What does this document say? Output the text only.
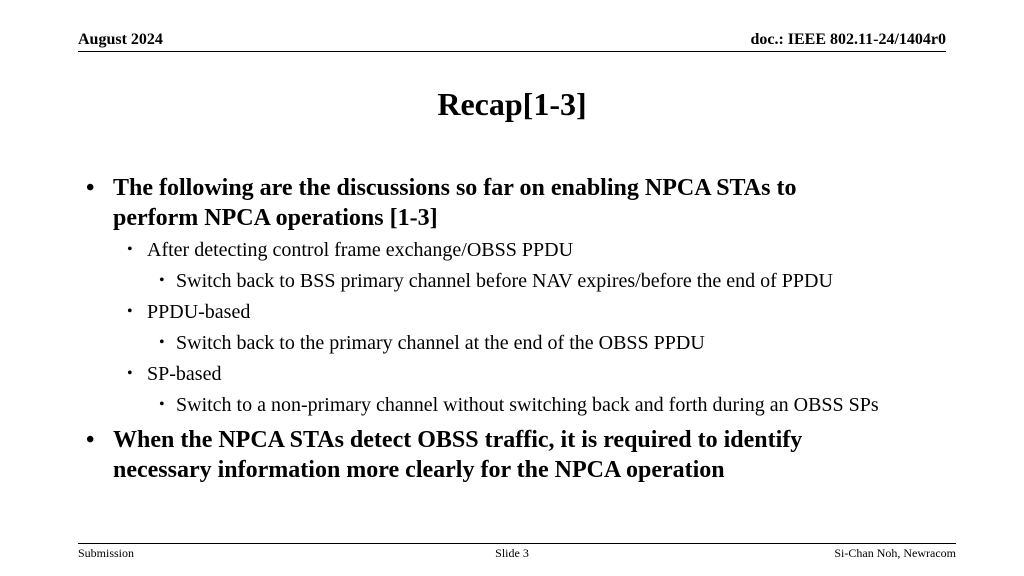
August 2024	doc.: IEEE 802.11-24/1404r0
Recap[1-3]
• The following are the discussions so far on enabling NPCA STAs to perform NPCA operations [1-3]
• After detecting control frame exchange/OBSS PPDU
• Switch back to BSS primary channel before NAV expires/before the end of PPDU
• PPDU-based
• Switch back to the primary channel at the end of the OBSS PPDU
• SP-based
• Switch to a non-primary channel without switching back and forth during an OBSS SPs
• When the NPCA STAs detect OBSS traffic, it is required to identify necessary information more clearly for the NPCA operation
Submission	Slide 3	Si-Chan Noh, Newracom
